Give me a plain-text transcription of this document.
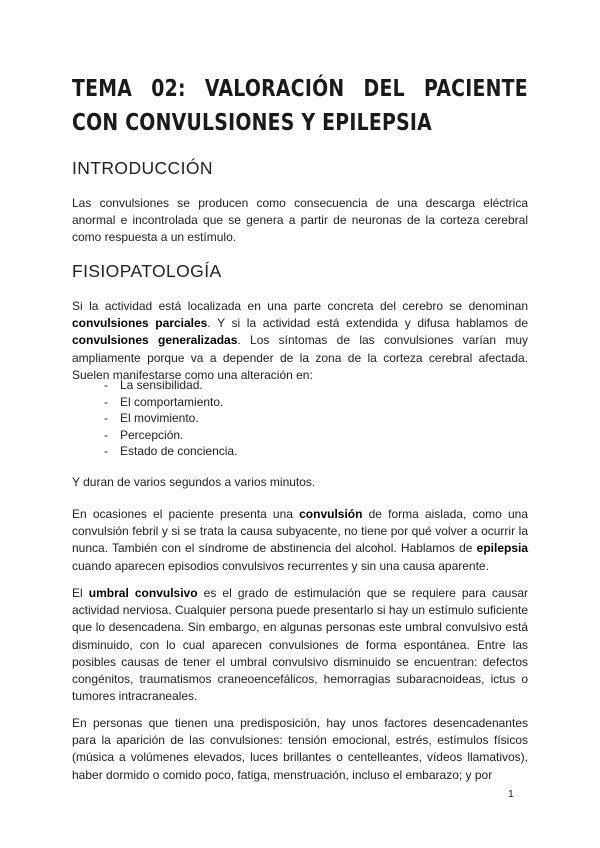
TEMA 02: VALORACIÓN DEL PACIENTE CON CONVULSIONES Y EPILEPSIA
INTRODUCCIÓN

Las convulsiones se producen como consecuencia de una descarga eléctrica anormal e incontrolada que se genera a partir de neuronas de la corteza cerebral como respuesta a un estímulo.

FISIOPATOLOGÍA

Si la actividad está localizada en una parte concreta del cerebro se denominan convulsiones parciales. Y si la actividad está extendida y difusa hablamos de convulsiones generalizadas. Los síntomas de las convulsiones varían muy ampliamente porque va a depender de la zona de la corteza cerebral afectada. Suelen manifestarse como una alteración en:

- La sensibilidad.
- El comportamiento.
- El movimiento.
- Percepción.
- Estado de conciencia.

Y duran de varios segundos a varios minutos.

En ocasiones el paciente presenta una convulsión de forma aislada, como una convulsión febril y si se trata la causa subyacente, no tiene por qué volver a ocurrir la nunca. También con el síndrome de abstinencia del alcohol. Hablamos de epilepsia cuando aparecen episodios convulsivos recurrentes y sin una causa aparente.

El umbral convulsivo es el grado de estimulación que se requiere para causar actividad nerviosa. Cualquier persona puede presentarlo si hay un estímulo suficiente que lo desencadena. Sin embargo, en algunas personas este umbral convulsivo está disminuido, con lo cual aparecen convulsiones de forma espontánea. Entre las posibles causas de tener el umbral convulsivo disminuido se encuentran: defectos congénitos, traumatismos craneoencefálicos, hemorragias subaracnoideas, ictus o tumores intracraneales.

En personas que tienen una predisposición, hay unos factores desencadenantes para la aparición de las convulsiones: tensión emocional, estrés, estímulos físicos (música a volúmenes elevados, luces brillantes o centelleantes, vídeos llamativos), haber dormido o comido poco, fatiga, menstruación, incluso el embarazo; y por

1
